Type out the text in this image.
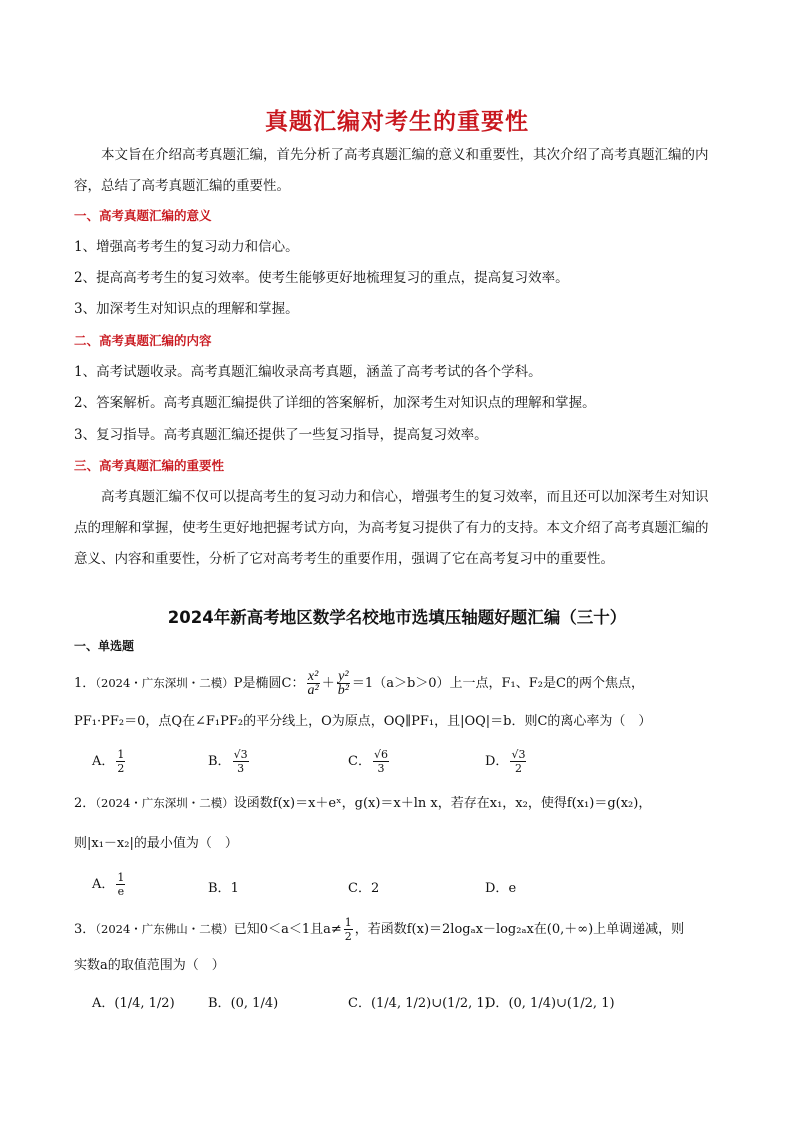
真题汇编对考生的重要性

本文旨在介绍高考真题汇编，首先分析了高考真题汇编的意义和重要性，其次介绍了高考真题汇编的内容，总结了高考真题汇编的重要性。

一、高考真题汇编的意义
1、增强高考考生的复习动力和信心。
2、提高高考考生的复习效率。使考生能够更好地梳理复习的重点，提高复习效率。
3、加深考生对知识点的理解和掌握。
二、高考真题汇编的内容
1、高考试题收录。高考真题汇编收录高考真题，涵盖了高考考试的各个学科。
2、答案解析。高考真题汇编提供了详细的答案解析，加深考生对知识点的理解和掌握。
3、复习指导。高考真题汇编还提供了一些复习指导，提高复习效率。
三、高考真题汇编的重要性

高考真题汇编不仅可以提高考生的复习动力和信心，增强考生的复习效率，而且还可以加深考生对知识点的理解和掌握，使考生更好地把握考试方向，为高考复习提供了有力的支持。本文介绍了高考真题汇编的意义、内容和重要性，分析了它对高考考生的重要作用，强调了它在高考复习中的重要性。

2024年新高考地区数学名校地市选填压轴题好题汇编（三十）
一、单选题
1．（2024・广东深圳・二模）P是椭圆C： $\frac{\text{x²}}{\text{a²}} + \frac{\text{y²}}{\text{b²}} =1(a>b>0)$上一点，F₁、F₂是C的两个焦点，
PF₁·PF₂＝0，点Q在∠F₁PF₂的平分线上，O为原点，OQ∥PF₁，且|OQ|＝b．则C的离心率为（　）
A． $\frac{1}{2}$	B． $\frac{√3}{3}$	C． $\frac{√6}{3}$	D． $\frac{√3}{2}$
2．（2024・广东深圳・二模）设函数f(x)＝x＋eˣ，g(x)＝x＋ln x，若存在x₁，x₂，使得f(x₁)＝g(x₂)，
则|x₁－x₂|的最小值为（　）
A． $\frac{1}{e}$	B．1	C．2	D．e
3．（2024・广东佛山・二模）已知0＜a＜1且$a\ne \frac{1}{2}$ ，若函数f(x)＝2logₐx－log₂ₐx在(0,＋∞)上单调递减，则
实数a的取值范围为（　）
A．(1/4, 1/2)	B．(0, 1/4)	C．(1/4, 1/2)∪(1/2, 1)
D．(0, 1/4)∪(1/2, 1)
